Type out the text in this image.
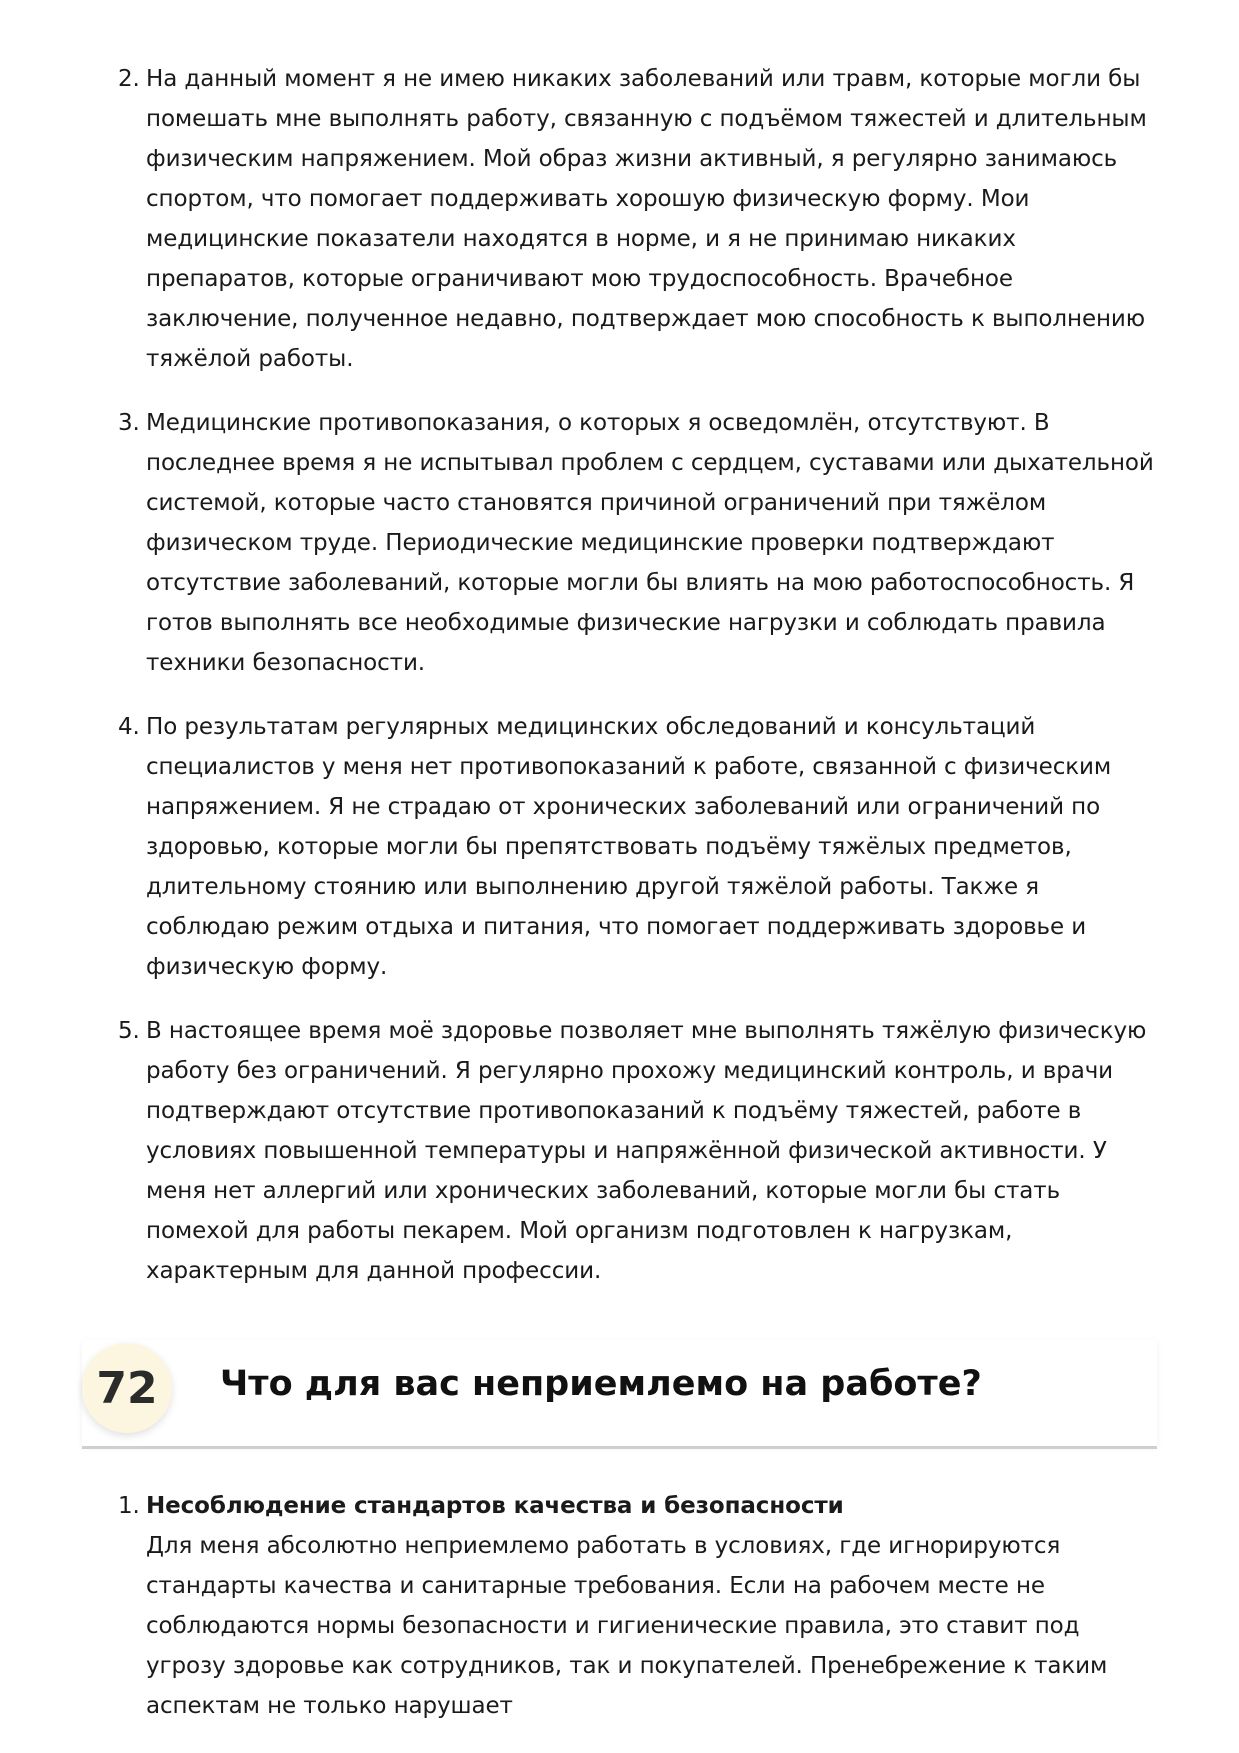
2. На данный момент я не имею никаких заболеваний или травм, которые могли бы помешать мне выполнять работу, связанную с подъёмом тяжестей и длительным физическим напряжением. Мой образ жизни активный, я регулярно занимаюсь спортом, что помогает поддерживать хорошую физическую форму. Мои медицинские показатели находятся в норме, и я не принимаю никаких препаратов, которые ограничивают мою трудоспособность. Врачебное заключение, полученное недавно, подтверждает мою способность к выполнению тяжёлой работы.
3. Медицинские противопоказания, о которых я осведомлён, отсутствуют. В последнее время я не испытывал проблем с сердцем, суставами или дыхательной системой, которые часто становятся причиной ограничений при тяжёлом физическом труде. Периодические медицинские проверки подтверждают отсутствие заболеваний, которые могли бы влиять на мою работоспособность. Я готов выполнять все необходимые физические нагрузки и соблюдать правила техники безопасности.
4. По результатам регулярных медицинских обследований и консультаций специалистов у меня нет противопоказаний к работе, связанной с физическим напряжением. Я не страдаю от хронических заболеваний или ограничений по здоровью, которые могли бы препятствовать подъёму тяжёлых предметов, длительному стоянию или выполнению другой тяжёлой работы. Также я соблюдаю режим отдыха и питания, что помогает поддерживать здоровье и физическую форму.
5. В настоящее время моё здоровье позволяет мне выполнять тяжёлую физическую работу без ограничений. Я регулярно прохожу медицинский контроль, и врачи подтверждают отсутствие противопоказаний к подъёму тяжестей, работе в условиях повышенной температуры и напряжённой физической активности. У меня нет аллергий или хронических заболеваний, которые могли бы стать помехой для работы пекарем. Мой организм подготовлен к нагрузкам, характерным для данной профессии.
72	Что для вас неприемлемо на работе?
1. Несоблюдение стандартов качества и безопасности
Для меня абсолютно неприемлемо работать в условиях, где игнорируются стандарты качества и санитарные требования. Если на рабочем месте не соблюдаются нормы безопасности и гигиенические правила, это ставит под угрозу здоровье как сотрудников, так и покупателей. Пренебрежение к таким аспектам не только нарушает
